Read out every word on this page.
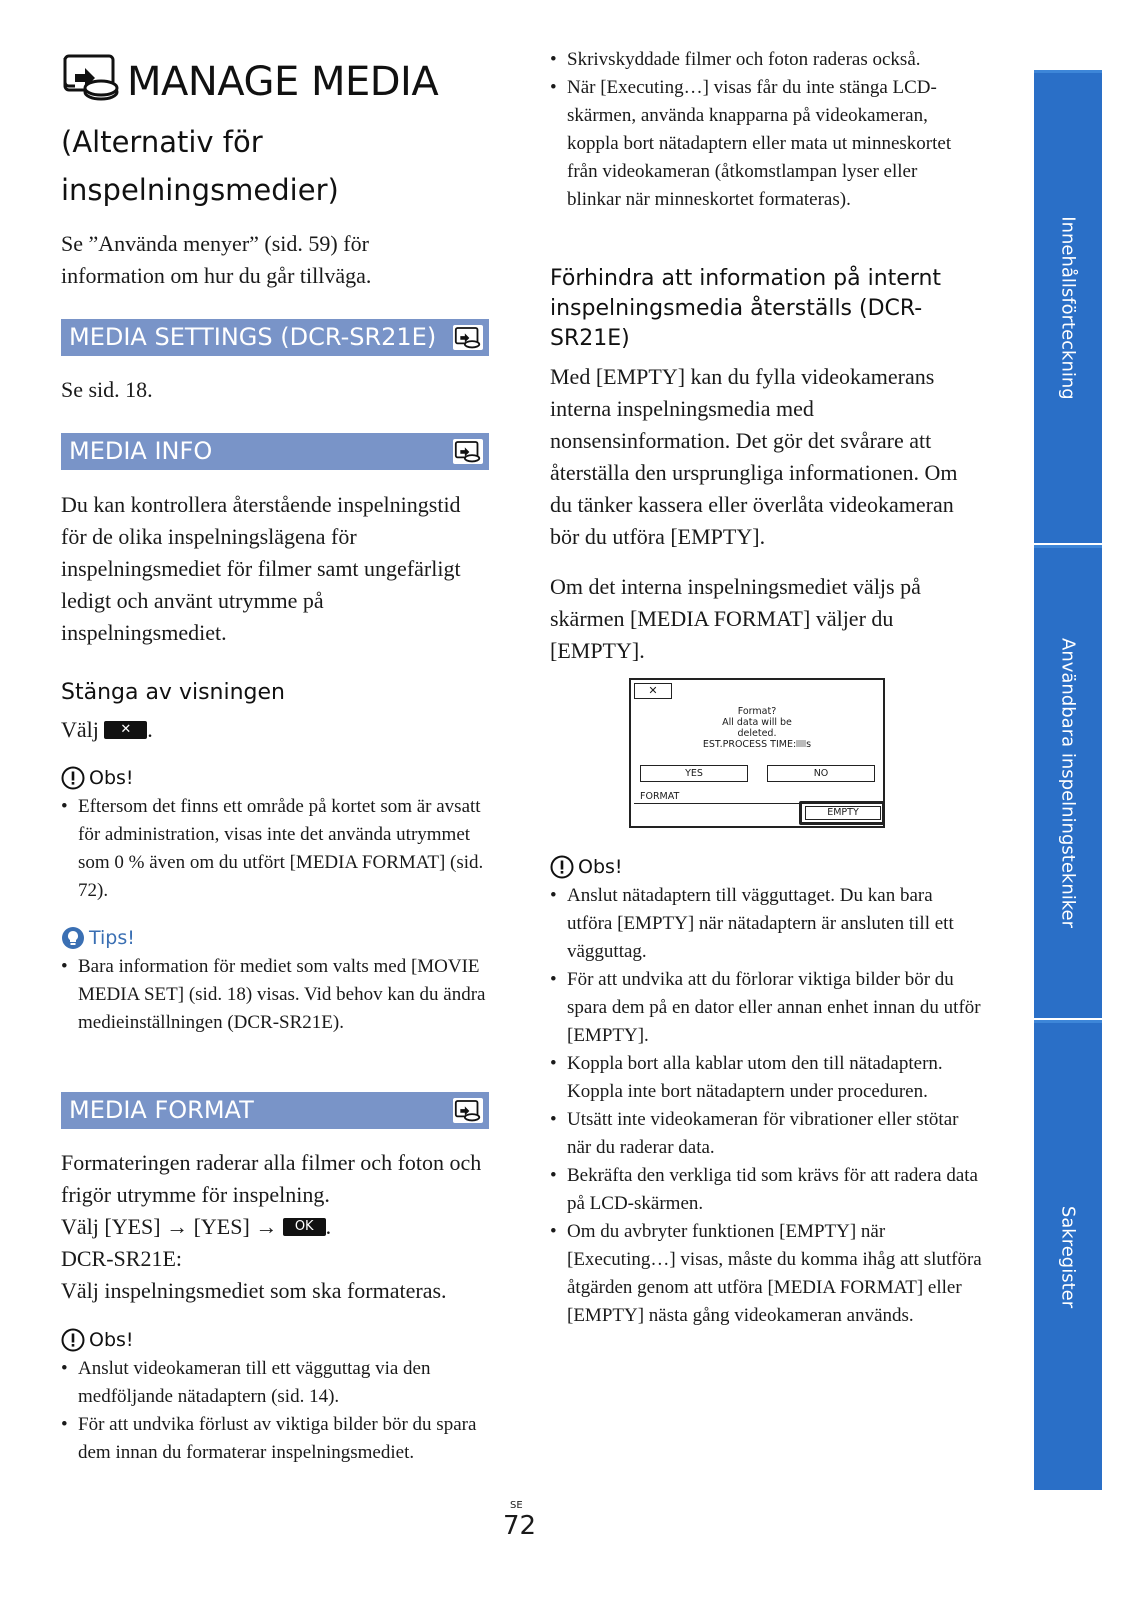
MANAGE MEDIA
(Alternativ för
inspelningsmedier)
Se ”Använda menyer” (sid. 59) för information om hur du går tillväga.
MEDIA SETTINGS (DCR-SR21E)
Se sid. 18.
MEDIA INFO
Du kan kontrollera återstående inspelningstid för de olika inspelningslägena för inspelningsmediet för filmer samt ungefärligt ledigt och använt utrymme på inspelningsmediet.
Stänga av visningen
Välj ✕ .
Obs!
• Eftersom det finns ett område på kortet som är avsatt för administration, visas inte det använda utrymmet som 0 % även om du utfört [MEDIA FORMAT] (sid. 72).
Tips!
• Bara information för mediet som valts med [MOVIE MEDIA SET] (sid. 18) visas. Vid behov kan du ändra medieinställningen (DCR-SR21E).
MEDIA FORMAT
Formateringen raderar alla filmer och foton och frigör utrymme för inspelning.
Välj [YES] → [YES] → OK .
DCR-SR21E:
Välj inspelningsmediet som ska formateras.
Obs!
• Anslut videokameran till ett vägguttag via den medföljande nätadaptern (sid. 14).
• För att undvika förlust av viktiga bilder bör du spara dem innan du formaterar inspelningsmediet.
• Skrivskyddade filmer och foton raderas också.
• När [Executing…] visas får du inte stänga LCD-skärmen, använda knapparna på videokameran, koppla bort nätadaptern eller mata ut minneskortet från videokameran (åtkomstlampan lyser eller blinkar när minneskortet formateras).
Förhindra att information på internt inspelningsmedia återställs (DCR-SR21E)
Med [EMPTY] kan du fylla videokamerans interna inspelningsmedia med nonsensinformation. Det gör det svårare att återställa den ursprungliga informationen. Om du tänker kassera eller överlåta videokameran bör du utföra [EMPTY].
Om det interna inspelningsmediet väljs på skärmen [MEDIA FORMAT] väljer du [EMPTY].
✕
Format?
All data will be
deleted.
EST.PROCESS TIME: s
YES	NO
FORMAT
EMPTY
Obs!
• Anslut nätadaptern till vägguttaget. Du kan bara utföra [EMPTY] när nätadaptern är ansluten till ett vägguttag.
• För att undvika att du förlorar viktiga bilder bör du spara dem på en dator eller annan enhet innan du utför [EMPTY].
• Koppla bort alla kablar utom den till nätadaptern. Koppla inte bort nätadaptern under proceduren.
• Utsätt inte videokameran för vibrationer eller stötar när du raderar data.
• Bekräfta den verkliga tid som krävs för att radera data på LCD-skärmen.
• Om du avbryter funktionen [EMPTY] när [Executing…] visas, måste du komma ihåg att slutföra åtgärden genom att utföra [MEDIA FORMAT] eller [EMPTY] nästa gång videokameran används.
Innehållsförteckning
Användbara inspelningstekniker
Sakregister
SE
72
